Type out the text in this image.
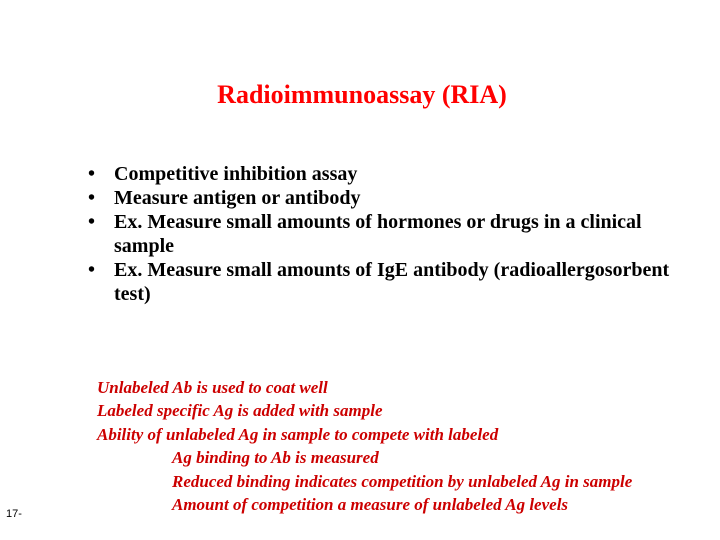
Radioimmunoassay (RIA)
• Competitive inhibition assay
• Measure antigen or antibody
• Ex. Measure small amounts of hormones or drugs in a clinical sample
• Ex. Measure small amounts of IgE antibody (radioallergosorbent test)
Unlabeled Ab is used to coat well
Labeled specific Ag is added with sample
Ability of unlabeled Ag in sample to compete with labeled
Ag binding to Ab is measured
Reduced binding indicates competition by unlabeled Ag in sample
Amount of competition a measure of unlabeled Ag levels

17-
